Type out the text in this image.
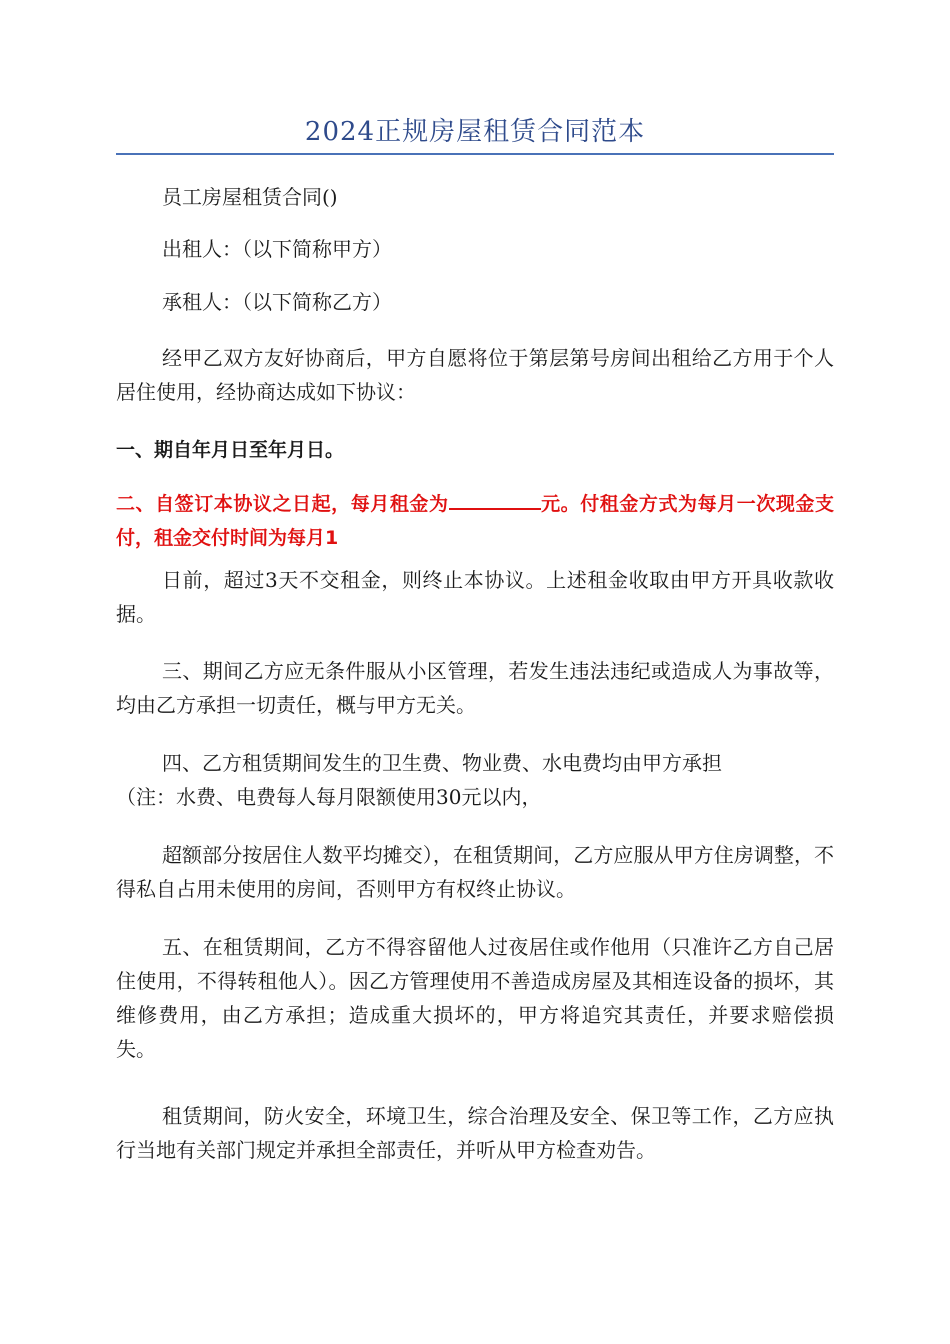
2024正规房屋租赁合同范本

员工房屋租赁合同()

出租人：（以下简称甲方）

承租人：（以下简称乙方）

经甲乙双方友好协商后，甲方自愿将位于第层第号房间出租给乙方用于个人居住使用，经协商达成如下协议：

一、期自年月日至年月日。

二、自签订本协议之日起，每月租金为	元。付租金方式为每月一次现金支付，租金交付时间为每月1

日前，超过3天不交租金，则终止本协议。上述租金收取由甲方开具收款收据。

三、期间乙方应无条件服从小区管理，若发生违法违纪或造成人为事故等，均由乙方承担一切责任，概与甲方无关。

四、乙方租赁期间发生的卫生费、物业费、水电费均由甲方承担
（注：水费、电费每人每月限额使用30元以内，

超额部分按居住人数平均摊交），在租赁期间，乙方应服从甲方住房调整，不得私自占用未使用的房间，否则甲方有权终止协议。

五、在租赁期间，乙方不得容留他人过夜居住或作他用（只准许乙方自己居住使用，不得转租他人）。因乙方管理使用不善造成房屋及其相连设备的损坏，其维修费用，由乙方承担；造成重大损坏的，甲方将追究其责任，并要求赔偿损失。

租赁期间，防火安全，环境卫生，综合治理及安全、保卫等工作，乙方应执行当地有关部门规定并承担全部责任，并听从甲方检查劝告。
